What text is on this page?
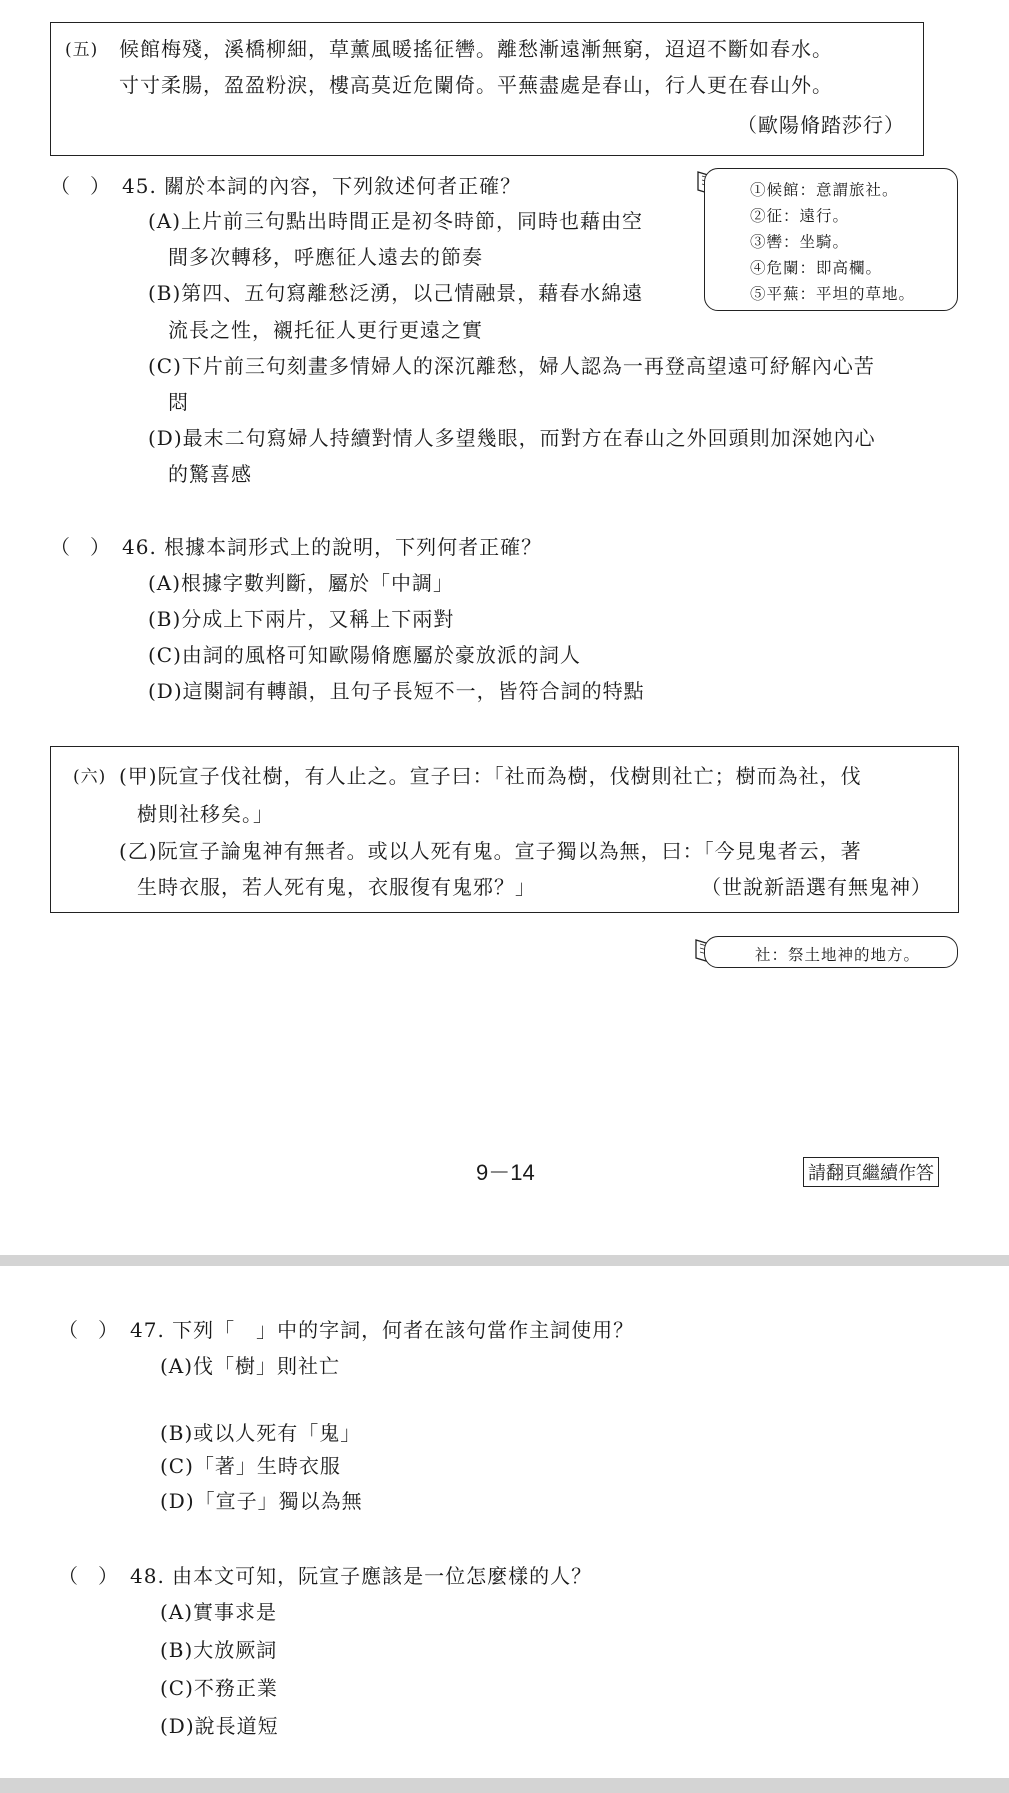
(五) 候館梅殘，溪橋柳細，草薰風暖搖征轡。離愁漸遠漸無窮，迢迢不斷如春水。
寸寸柔腸，盈盈粉淚，樓高莫近危闌倚。平蕪盡處是春山，行人更在春山外。
（歐陽脩踏莎行）
（　） 45. 關於本詞的內容，下列敘述何者正確？
(A)上片前三句點出時間正是初冬時節，同時也藉由空
間多次轉移，呼應征人遠去的節奏
(B)第四、五句寫離愁泛湧，以己情融景，藉春水綿遠
流長之性，襯托征人更行更遠之實
(C)下片前三句刻畫多情婦人的深沉離愁，婦人認為一再登高望遠可紓解內心苦
悶
(D)最末二句寫婦人持續對情人多望幾眼，而對方在春山之外回頭則加深她內心
的驚喜感
①候館：意謂旅社。
②征：遠行。
③轡：坐騎。
④危闌：即高欄。
⑤平蕪：平坦的草地。
（　） 46. 根據本詞形式上的說明，下列何者正確？
(A)根據字數判斷，屬於「中調」
(B)分成上下兩片，又稱上下兩對
(C)由詞的風格可知歐陽脩應屬於豪放派的詞人
(D)這闋詞有轉韻，且句子長短不一，皆符合詞的特點
(六) (甲)阮宣子伐社樹，有人止之。宣子曰：「社而為樹，伐樹則社亡；樹而為社，伐
樹則社移矣。」
(乙)阮宣子論鬼神有無者。或以人死有鬼。宣子獨以為無，曰：「今見鬼者云，著
生時衣服，若人死有鬼，衣服復有鬼邪？」	（世說新語選有無鬼神）
社：祭土地神的地方。
9－14	請翻頁繼續作答
（　） 47. 下列「　」中的字詞，何者在該句當作主詞使用？
(A)伐「樹」則社亡
(B)或以人死有「鬼」
(C)「著」生時衣服
(D)「宣子」獨以為無
（　） 48. 由本文可知，阮宣子應該是一位怎麼樣的人？
(A)實事求是
(B)大放厥詞
(C)不務正業
(D)說長道短
